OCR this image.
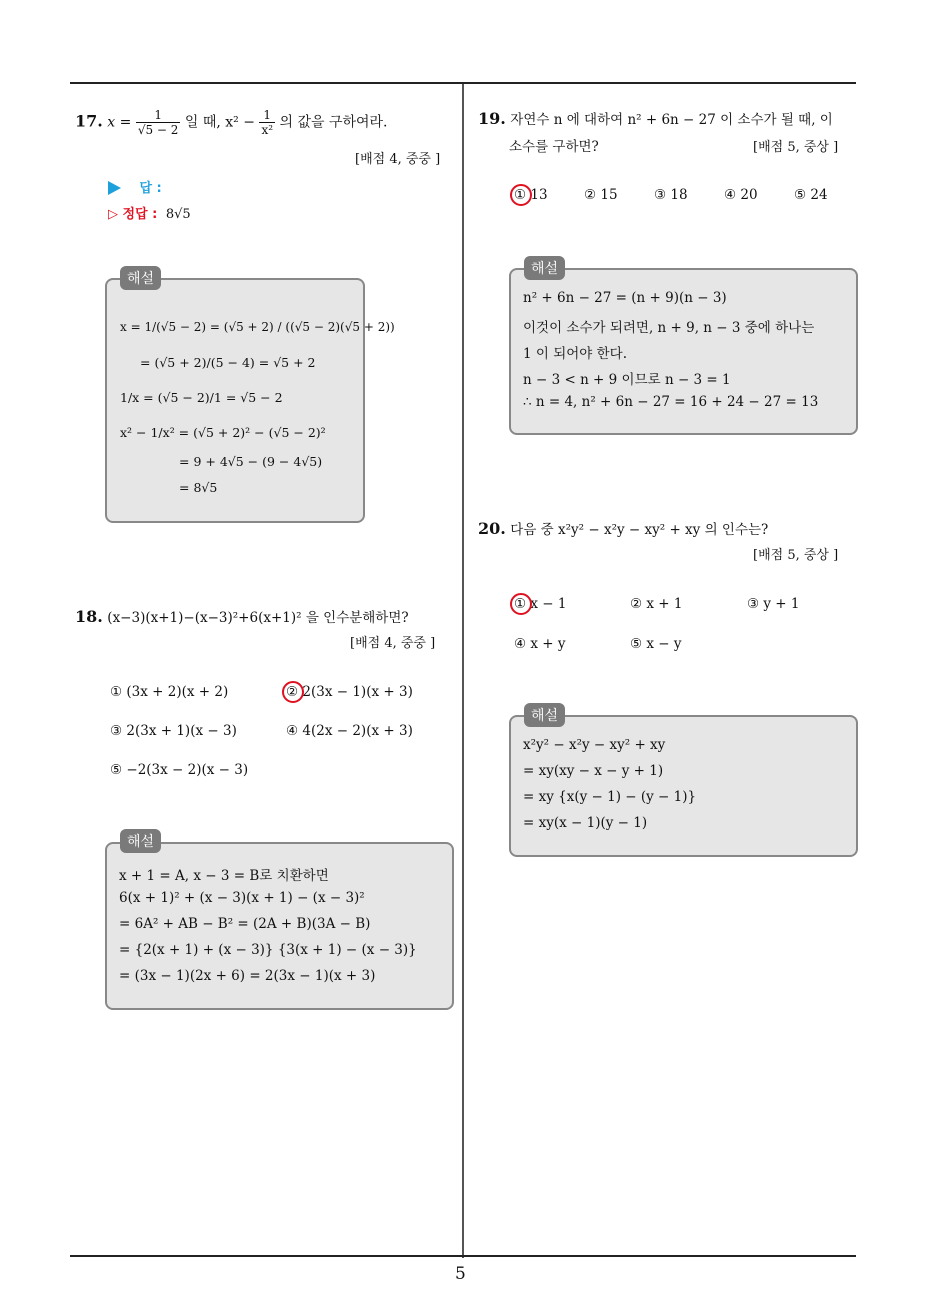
5
17. $x = \frac{1}{√5 - 2}$ 일 때, $x^2 - \frac{1}{\text{x²}}$ 의 값을 구하여라.
[배점 4, 중중 ]
답 :
▷ 정답 : 8√5
x = 1/(√5 − 2) = (√5 + 2) / ((√5 − 2)(√5 + 2))
= (√5 + 2)/(5 − 4) = √5 + 2
1/x = (√5 − 2)/1 = √5 − 2
x² − 1/x² = (√5 + 2)² − (√5 − 2)²
= 9 + 4√5 − (9 − 4√5)
= 8√5
해설
18. (x−3)(x+1)−(x−3)²+6(x+1)² 을 인수분해하면?
[배점 4, 중중 ]
① (3x + 2)(x + 2)	② 2(3x − 1)(x + 3)
③ 2(3x + 1)(x − 3)	④ 4(2x − 2)(x + 3)
⑤ −2(3x − 2)(x − 3)
x + 1 = A, x − 3 = B로 치환하면
6(x + 1)² + (x − 3)(x + 1) − (x − 3)²
= 6A² + AB − B² = (2A + B)(3A − B)
= {2(x + 1) + (x − 3)} {3(x + 1) − (x − 3)}
= (3x − 1)(2x + 6) = 2(3x − 1)(x + 3)
해설
19. 자연수 n 에 대하여 n² + 6n − 27 이 소수가 될 때, 이
소수를 구하면?	[배점 5, 중상 ]
① 13	② 15	③ 18	④ 20	⑤ 24
n² + 6n − 27 = (n + 9)(n − 3)
이것이 소수가 되려면, n + 9, n − 3 중에 하나는
1 이 되어야 한다.
n − 3 < n + 9 이므로 n − 3 = 1
∴ n = 4, n² + 6n − 27 = 16 + 24 − 27 = 13
해설
20. 다음 중 x²y² − x²y − xy² + xy 의 인수는?
[배점 5, 중상 ]
① x − 1	② x + 1	③ y + 1
④ x + y	⑤ x − y
x²y² − x²y − xy² + xy
= xy(xy − x − y + 1)
= xy {x(y − 1) − (y − 1)}
= xy(x − 1)(y − 1)
해설
